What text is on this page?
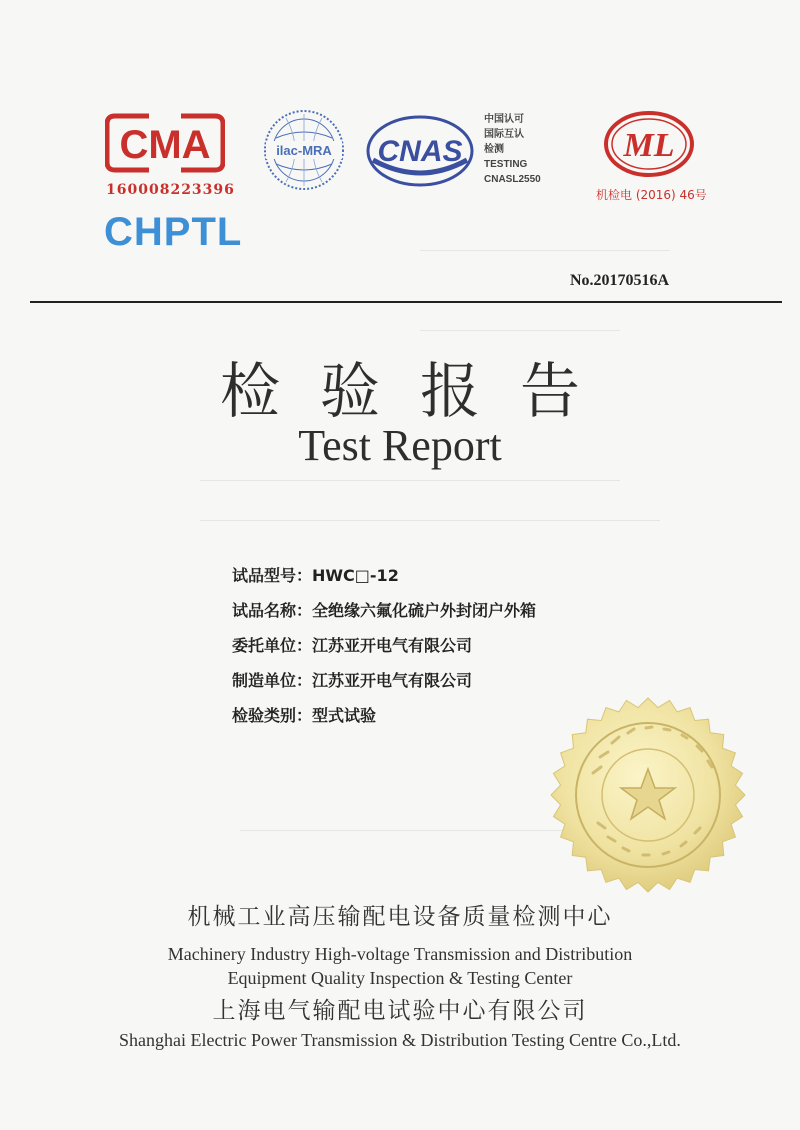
CMA
160008223396
CHPTL
ilac-MRA CNAS
中国认可
国际互认
检测
TESTING
CNASL2550
ML
机检电 (2016) 46号
No.20170516A
检验报告
Test Report
试品型号：HWC□-12
试品名称：全绝缘六氟化硫户外封闭户外箱
委托单位：江苏亚开电气有限公司
制造单位：江苏亚开电气有限公司
检验类别：型式试验
机械工业高压输配电设备质量检测中心
Machinery Industry High-voltage Transmission and Distribution
Equipment Quality Inspection & Testing Center
上海电气输配电试验中心有限公司
Shanghai Electric Power Transmission & Distribution Testing Centre Co.,Ltd.
